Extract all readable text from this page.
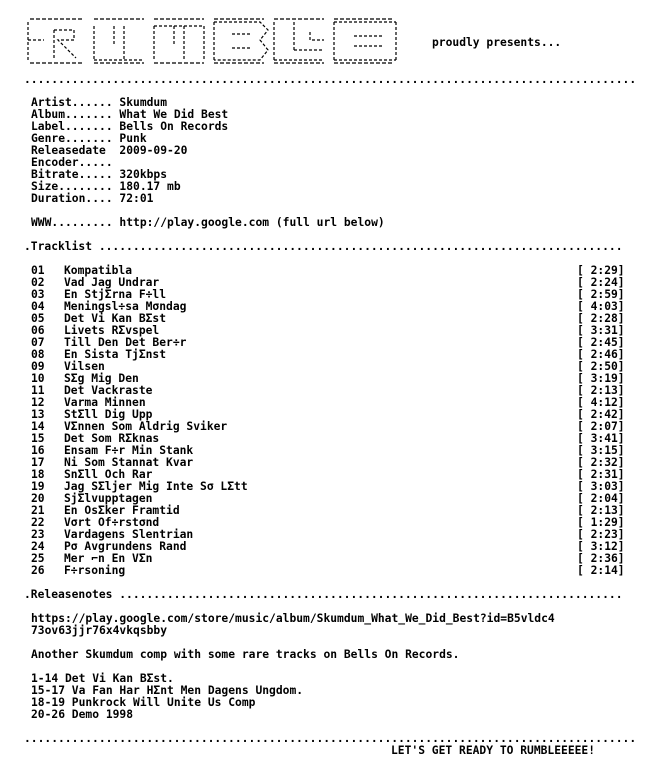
proudly presents...
..........................................................................................
Artist...... Skumdum
Album....... What We Did Best
Label....... Bells On Records
Genre....... Punk
Releasedate  2009-09-20
Encoder.....
Bitrate..... 320kbps
Size........ 180.17 mb
Duration.... 72:01
WWW......... http://play.google.com (full url below)
.Tracklist .............................................................................
01 Kompatibla	[ 2:29]
02 Vad Jag Undrar	[ 2:24]
03 En StjΣrna F÷ll	[ 2:59]
04 Meningsl÷sa Mσndag	[ 4:03]
05 Det Vi Kan BΣst	[ 2:28]
06 Livets RΣvspel	[ 3:31]
07 Till Den Det Ber÷r	[ 2:45]
08 En Sista TjΣnst	[ 2:46]
09 Vilsen	[ 2:50]
10 SΣg Mig Den	[ 3:19]
11 Det Vackraste	[ 2:13]
12 Varma Minnen	[ 4:12]
13 StΣll Dig Upp	[ 2:42]
14 VΣnnen Som Aldrig Sviker	[ 2:07]
15 Det Som RΣknas	[ 3:41]
16 Ensam F÷r Min Stank	[ 3:15]
17 Ni Som Stannat Kvar	[ 2:32]
18 SnΣll Och Rar	[ 2:31]
19 Jag SΣljer Mig Inte Sσ LΣtt	[ 3:03]
20 SjΣlvupptagen	[ 2:04]
21 En OsΣker Framtid	[ 2:13]
22 Vσrt Of÷rstσnd	[ 1:29]
23 Vardagens Slentrian	[ 2:23]
24 Pσ Avgrundens Rand	[ 3:12]
25 Mer ⌐n En VΣn	[ 2:36]
26 F÷rsoning	[ 2:14]
.Releasenotes ..........................................................................
https://play.google.com/store/music/album/Skumdum_What_We_Did_Best?id=B5vldc4
73ov63jjr76x4vkqsbby
Another Skumdum comp with some rare tracks on Bells On Records.
1-14 Det Vi Kan BΣst.
15-17 Va Fan Har HΣnt Men Dagens Ungdom.
18-19 Punkrock Will Unite Us Comp
20-26 Demo 1998
..........................................................................................
LET'S GET READY TO RUMBLEEEEE!
